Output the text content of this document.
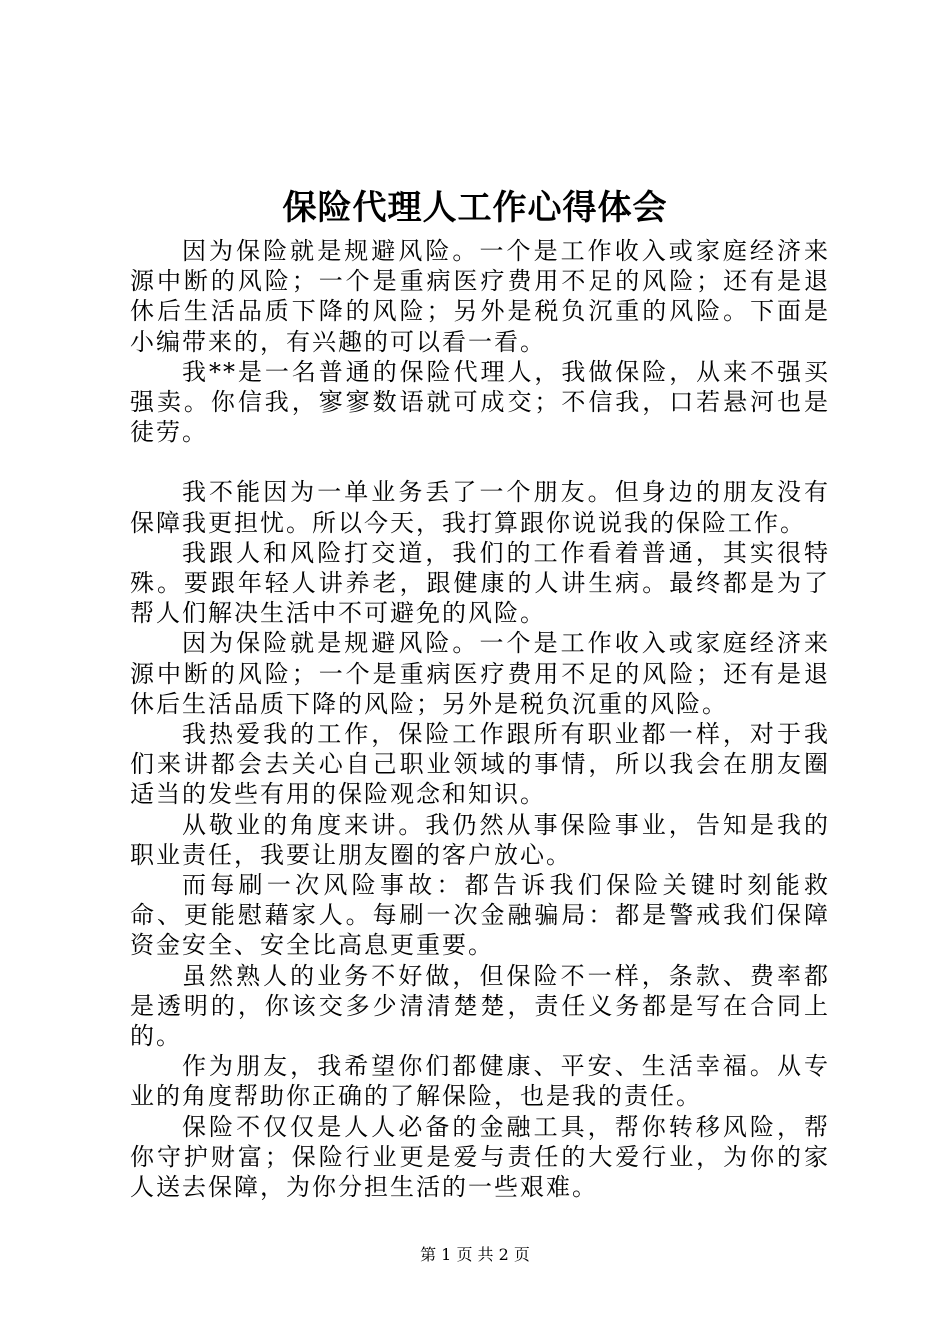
保险代理人工作心得体会

因为保险就是规避风险。一个是工作收入或家庭经济来源中断的风险；一个是重病医疗费用不足的风险；还有是退休后生活品质下降的风险；另外是税负沉重的风险。下面是小编带来的，有兴趣的可以看一看。

我**是一名普通的保险代理人，我做保险，从来不强买强卖。你信我，寥寥数语就可成交；不信我，口若悬河也是徒劳。

我不能因为一单业务丢了一个朋友。但身边的朋友没有保障我更担忧。所以今天，我打算跟你说说我的保险工作。

我跟人和风险打交道，我们的工作看着普通，其实很特殊。要跟年轻人讲养老，跟健康的人讲生病。最终都是为了帮人们解决生活中不可避免的风险。

因为保险就是规避风险。一个是工作收入或家庭经济来源中断的风险；一个是重病医疗费用不足的风险；还有是退休后生活品质下降的风险；另外是税负沉重的风险。

我热爱我的工作，保险工作跟所有职业都一样，对于我们来讲都会去关心自己职业领域的事情，所以我会在朋友圈适当的发些有用的保险观念和知识。

从敬业的角度来讲。我仍然从事保险事业，告知是我的职业责任，我要让朋友圈的客户放心。

而每刷一次风险事故：都告诉我们保险关键时刻能救命、更能慰藉家人。每刷一次金融骗局：都是警戒我们保障资金安全、安全比高息更重要。

虽然熟人的业务不好做，但保险不一样，条款、费率都是透明的，你该交多少清清楚楚，责任义务都是写在合同上的。

作为朋友，我希望你们都健康、平安、生活幸福。从专业的角度帮助你正确的了解保险，也是我的责任。

保险不仅仅是人人必备的金融工具，帮你转移风险，帮你守护财富；保险行业更是爱与责任的大爱行业，为你的家人送去保障，为你分担生活的一些艰难。

第 1 页 共 2 页
